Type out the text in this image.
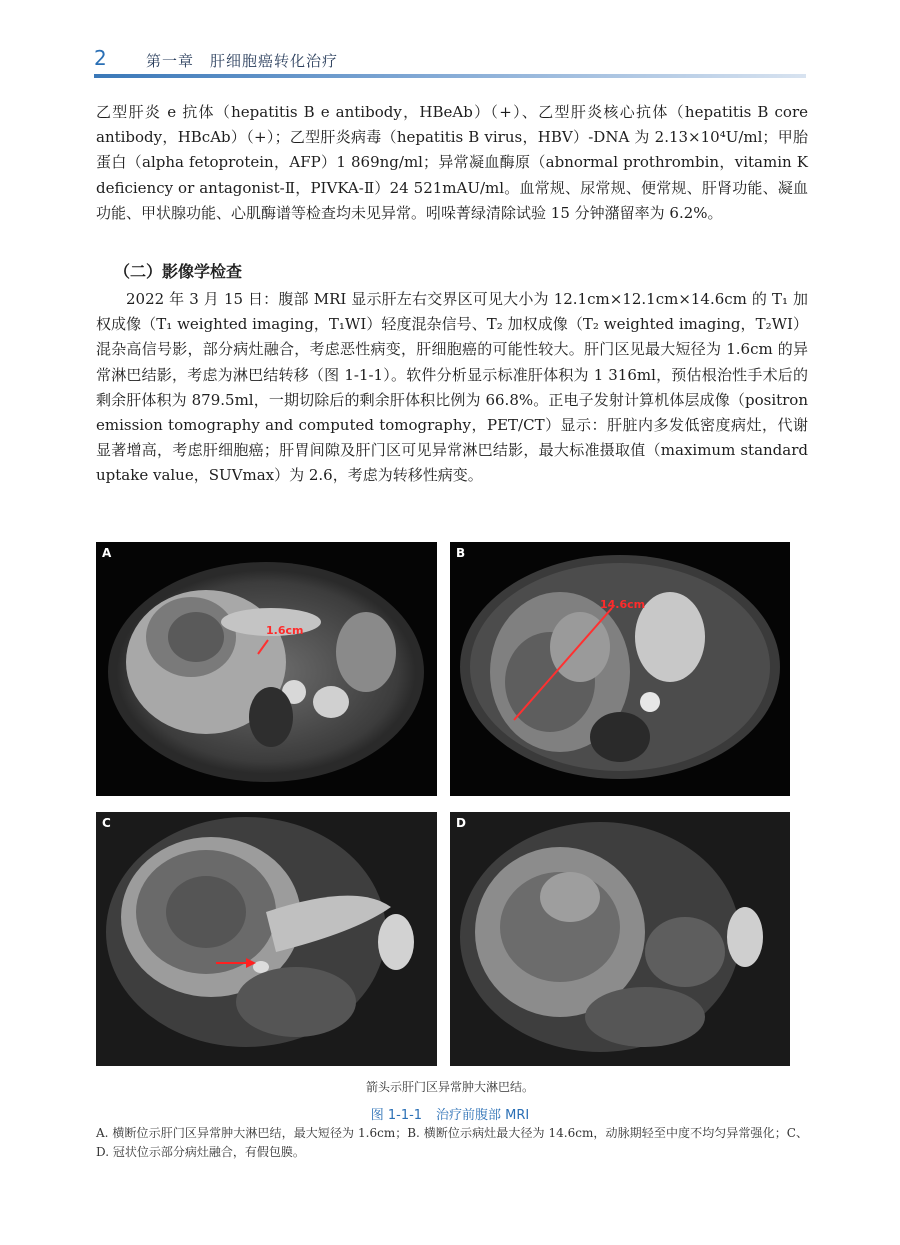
2	第一章　肝细胞癌转化治疗

乙型肝炎 e 抗体（hepatitis B e antibody，HBeAb）（+）、乙型肝炎核心抗体（hepatitis B core antibody，HBcAb）（+）；乙型肝炎病毒（hepatitis B virus，HBV）-DNA 为 2.13×10⁴U/ml；甲胎蛋白（alpha fetoprotein，AFP）1 869ng/ml；异常凝血酶原（abnormal prothrombin，vitamin K deficiency or antagonist-Ⅱ，PIVKA-Ⅱ）24 521mAU/ml。血常规、尿常规、便常规、肝肾功能、凝血功能、甲状腺功能、心肌酶谱等检查均未见异常。吲哚菁绿清除试验 15 分钟潴留率为 6.2%。

（二）影像学检查

2022 年 3 月 15 日：腹部 MRI 显示肝左右交界区可见大小为 12.1cm×12.1cm×14.6cm 的 T₁ 加权成像（T₁ weighted imaging，T₁WI）轻度混杂信号、T₂ 加权成像（T₂ weighted imaging，T₂WI）混杂高信号影，部分病灶融合，考虑恶性病变，肝细胞癌的可能性较大。肝门区见最大短径为 1.6cm 的异常淋巴结影，考虑为淋巴结转移（图 1-1-1）。软件分析显示标准肝体积为 1 316ml，预估根治性手术后的剩余肝体积为 879.5ml，一期切除后的剩余肝体积比例为 66.8%。正电子发射计算机体层成像（positron emission tomography and computed tomography，PET/CT）显示：肝脏内多发低密度病灶，代谢显著增高，考虑肝细胞癌；肝胃间隙及肝门区可见异常淋巴结影，最大标准摄取值（maximum standard uptake value，SUVmax）为 2.6，考虑为转移性病变。

1.6cm
A
14.6cm
B
C	D
箭头示肝门区异常肿大淋巴结。
图 1-1-1 治疗前腹部 MRI
A. 横断位示肝门区异常肿大淋巴结，最大短径为 1.6cm；B. 横断位示病灶最大径为 14.6cm，动脉期轻至中度不均匀异常强化；C、D. 冠状位示部分病灶融合，有假包膜。
